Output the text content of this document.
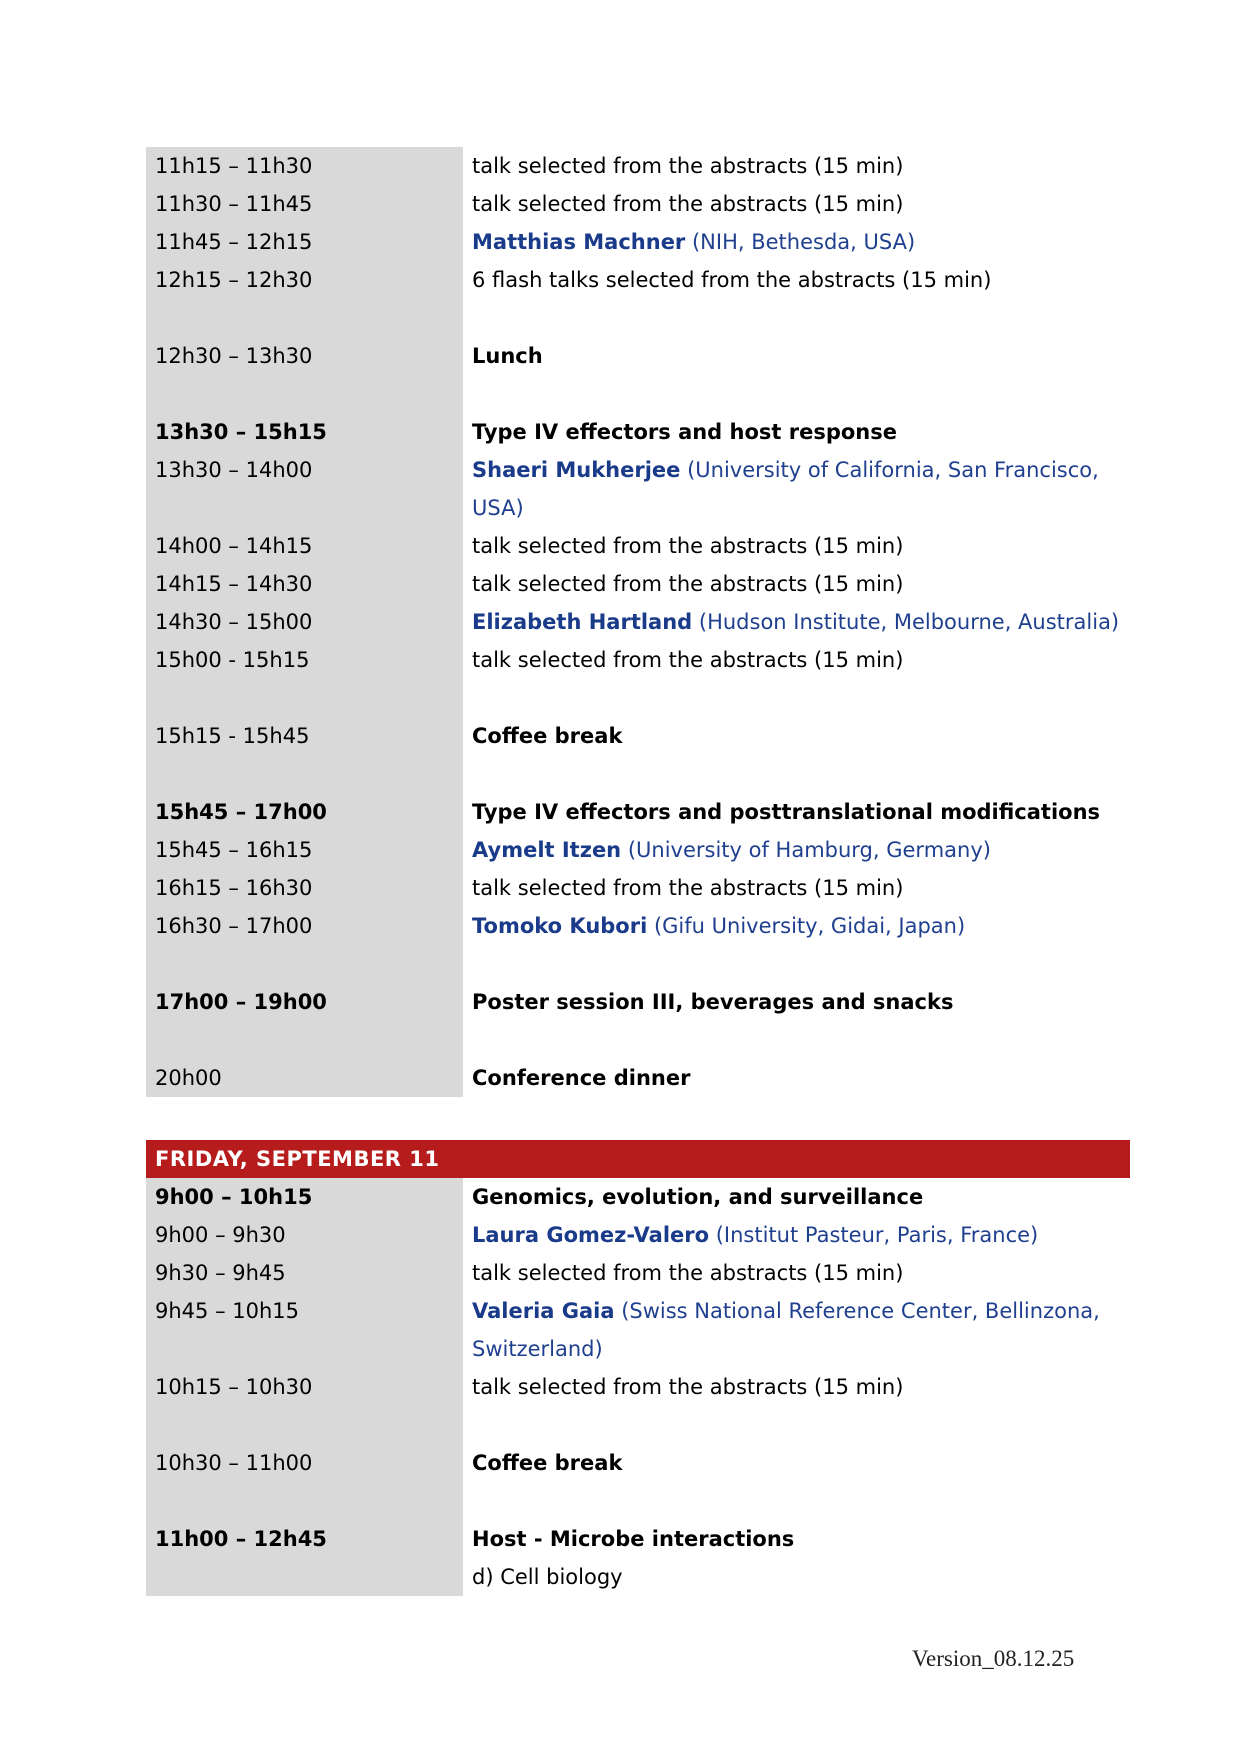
11h15 – 11h30	talk selected from the abstracts (15 min)
11h30 – 11h45	talk selected from the abstracts (15 min)
11h45 – 12h15	Matthias Machner (NIH, Bethesda, USA)
12h15 – 12h30	6 flash talks selected from the abstracts (15 min)
12h30 – 13h30	Lunch
13h30 – 15h15	Type IV effectors and host response
13h30 – 14h00	Shaeri Mukherjee (University of California, San Francisco, USA)
14h00 – 14h15	talk selected from the abstracts (15 min)
14h15 – 14h30	talk selected from the abstracts (15 min)
14h30 – 15h00	Elizabeth Hartland (Hudson Institute, Melbourne, Australia)
15h00 - 15h15	talk selected from the abstracts (15 min)
15h15 - 15h45	Coffee break
15h45 – 17h00	Type IV effectors and posttranslational modifications
15h45 – 16h15	Aymelt Itzen (University of Hamburg, Germany)
16h15 – 16h30	talk selected from the abstracts (15 min)
16h30 – 17h00	Tomoko Kubori (Gifu University, Gidai, Japan)
17h00 – 19h00	Poster session III, beverages and snacks
20h00	Conference dinner
FRIDAY, SEPTEMBER 11
9h00 – 10h15	Genomics, evolution, and surveillance
9h00 – 9h30	Laura Gomez-Valero (Institut Pasteur, Paris, France)
9h30 – 9h45	talk selected from the abstracts (15 min)
9h45 – 10h15	Valeria Gaia (Swiss National Reference Center, Bellinzona, Switzerland)
10h15 – 10h30	talk selected from the abstracts (15 min)
10h30 – 11h00	Coffee break
11h00 – 12h45	Host - Microbe interactions
d) Cell biology
Version_08.12.25
